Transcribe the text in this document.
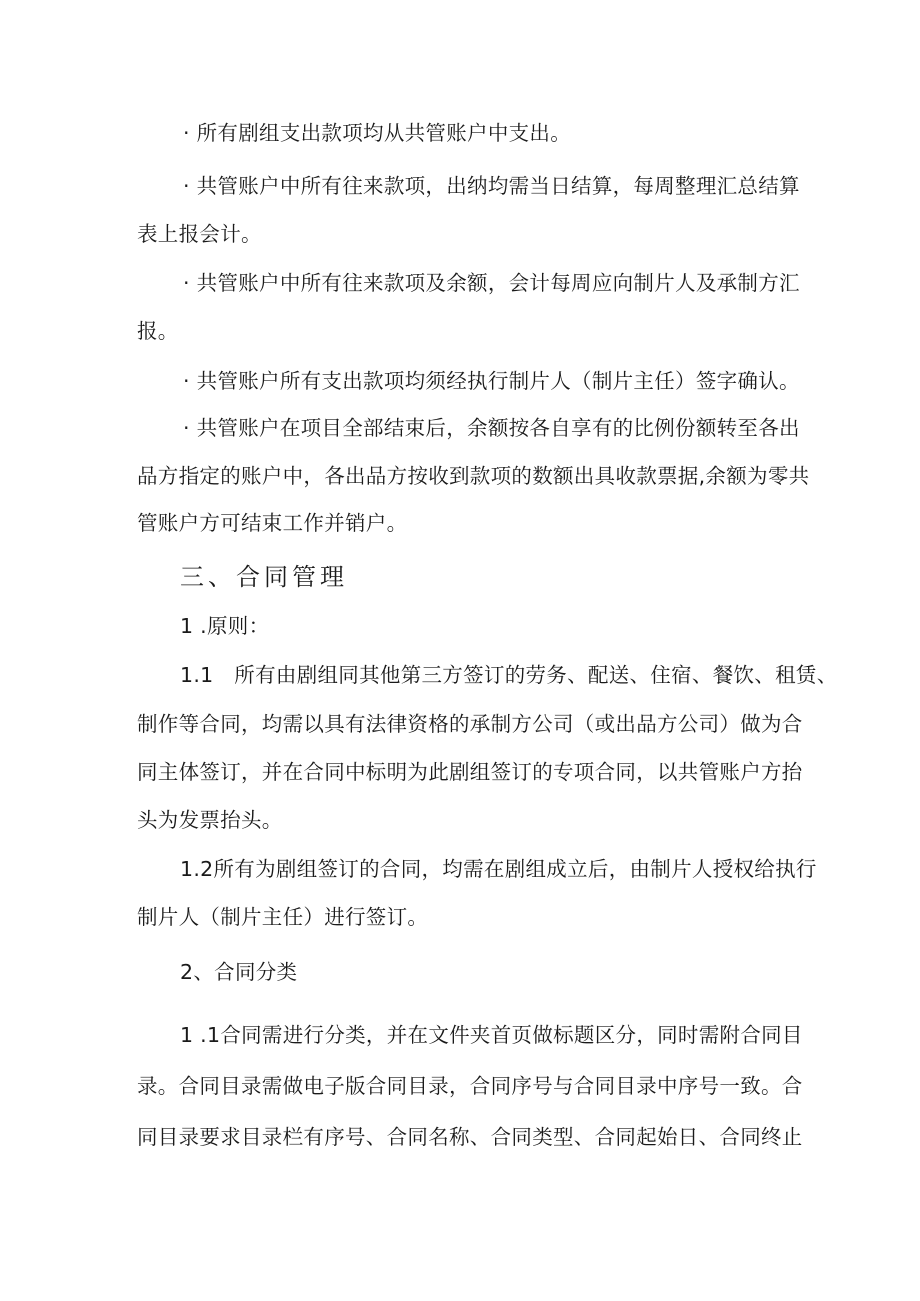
· 所有剧组支出款项均从共管账户中支出。
· 共管账户中所有往来款项，出纳均需当日结算，每周整理汇总结算
表上报会计。
· 共管账户中所有往来款项及余额，会计每周应向制片人及承制方汇
报。
· 共管账户所有支出款项均须经执行制片人（制片主任）签字确认。
· 共管账户在项目全部结束后，余额按各自享有的比例份额转至各出
品方指定的账户中，各出品方按收到款项的数额出具收款票据,余额为零共
管账户方可结束工作并销户。
三、合同管理
1 .原则：
1.1　所有由剧组同其他第三方签订的劳务、配送、住宿、餐饮、租赁、
制作等合同，均需以具有法律资格的承制方公司（或出品方公司）做为合
同主体签订，并在合同中标明为此剧组签订的专项合同，以共管账户方抬
头为发票抬头。
1.2所有为剧组签订的合同，均需在剧组成立后，由制片人授权给执行
制片人（制片主任）进行签订。
2、合同分类
1 .1合同需进行分类，并在文件夹首页做标题区分，同时需附合同目
录。合同目录需做电子版合同目录，合同序号与合同目录中序号一致。合
同目录要求目录栏有序号、合同名称、合同类型、合同起始日、合同终止
